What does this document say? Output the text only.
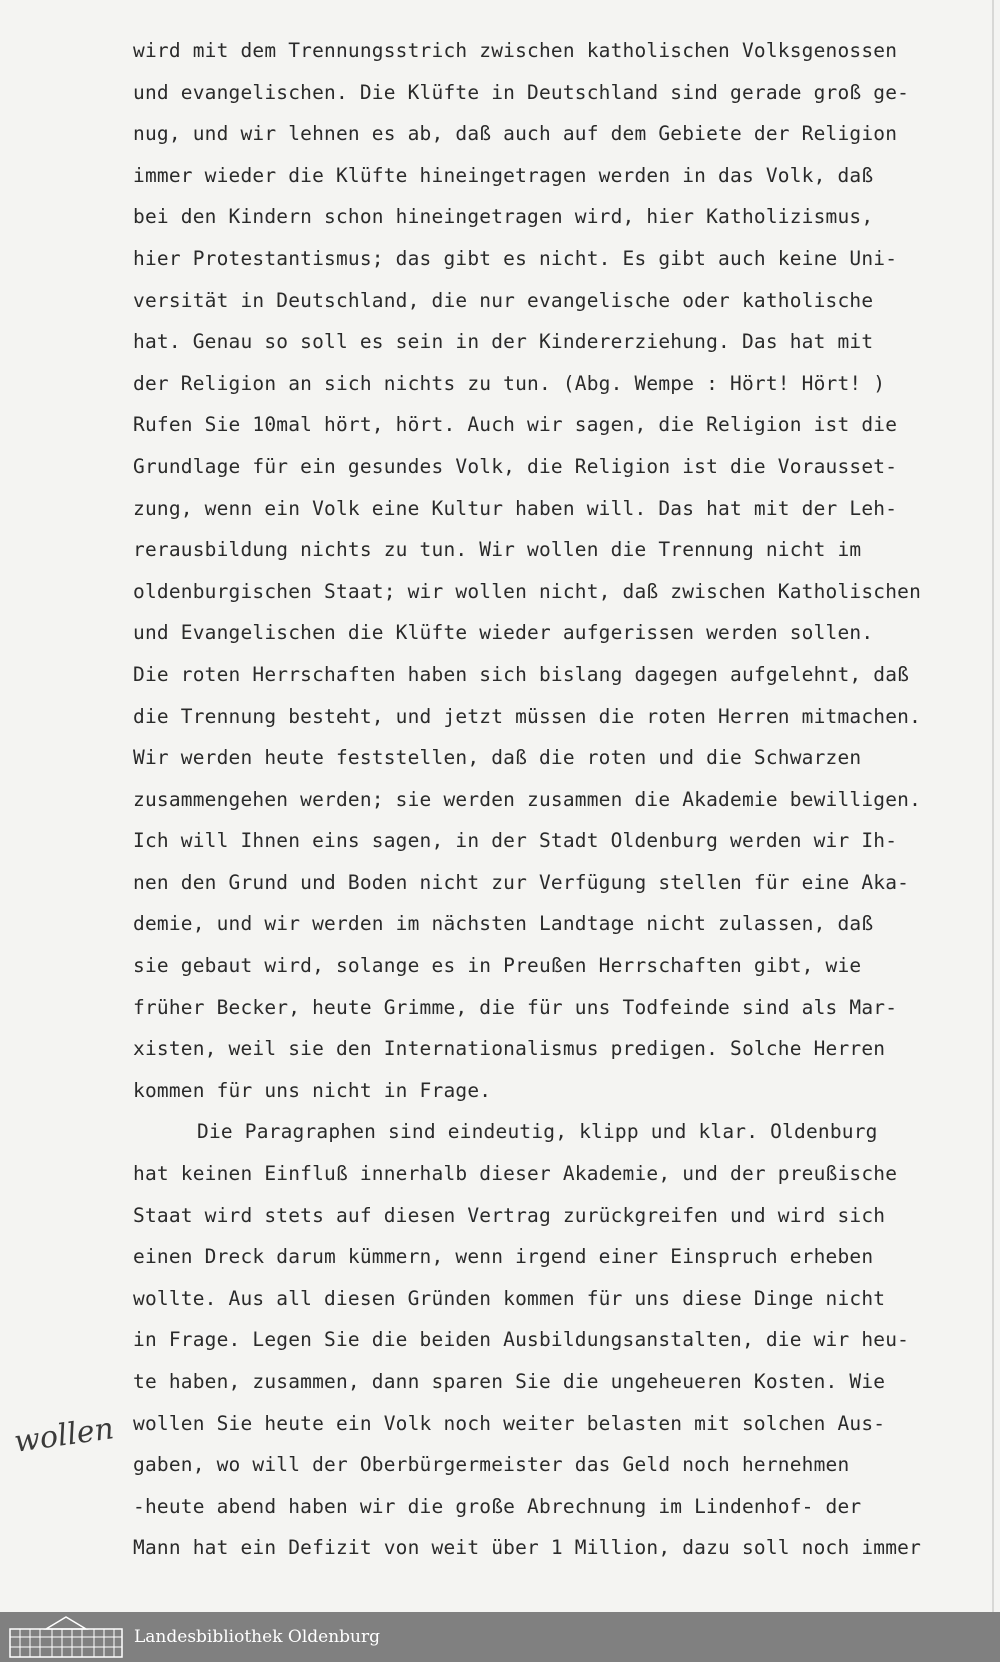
wird mit dem Trennungsstrich zwischen katholischen Volksgenossen
und evangelischen. Die Klüfte in Deutschland sind gerade groß ge-
nug, und wir lehnen es ab, daß auch auf dem Gebiete der Religion
immer wieder die Klüfte hineingetragen werden in das Volk, daß
bei den Kindern schon hineingetragen wird, hier Katholizismus,
hier Protestantismus; das gibt es nicht. Es gibt auch keine Uni-
versität in Deutschland, die nur evangelische oder katholische
hat. Genau so soll es sein in der Kindererziehung. Das hat mit
der Religion an sich nichts zu tun. (Abg. Wempe : Hört! Hört! )
Rufen Sie 10mal hört, hört. Auch wir sagen, die Religion ist die
Grundlage für ein gesundes Volk, die Religion ist die Vorausset-
zung, wenn ein Volk eine Kultur haben will. Das hat mit der Leh-
rerausbildung nichts zu tun. Wir wollen die Trennung nicht im
oldenburgischen Staat; wir wollen nicht, daß zwischen Katholischen
und Evangelischen die Klüfte wieder aufgerissen werden sollen.
Die roten Herrschaften haben sich bislang dagegen aufgelehnt, daß
die Trennung besteht, und jetzt müssen die roten Herren mitmachen.
Wir werden heute feststellen, daß die roten und die Schwarzen
zusammengehen werden; sie werden zusammen die Akademie bewilligen.
Ich will Ihnen eins sagen, in der Stadt Oldenburg werden wir Ih-
nen den Grund und Boden nicht zur Verfügung stellen für eine Aka-
demie, und wir werden im nächsten Landtage nicht zulassen, daß
sie gebaut wird, solange es in Preußen Herrschaften gibt, wie
früher Becker, heute Grimme, die für uns Todfeinde sind als Mar-
xisten, weil sie den Internationalismus predigen. Solche Herren
kommen für uns nicht in Frage.
Die Paragraphen sind eindeutig, klipp und klar. Oldenburg
hat keinen Einfluß innerhalb dieser Akademie, und der preußische
Staat wird stets auf diesen Vertrag zurückgreifen und wird sich
einen Dreck darum kümmern, wenn irgend einer Einspruch erheben
wollte. Aus all diesen Gründen kommen für uns diese Dinge nicht
in Frage. Legen Sie die beiden Ausbildungsanstalten, die wir heu-
te haben, zusammen, dann sparen Sie die ungeheueren Kosten. Wie
wollen Sie heute ein Volk noch weiter belasten mit solchen Aus-
gaben, wo will der Oberbürgermeister das Geld noch hernehmen
-heute abend haben wir die große Abrechnung im Lindenhof- der
Mann hat ein Defizit von weit über 1 Million, dazu soll noch immer
wollen
Landesbibliothek Oldenburg
